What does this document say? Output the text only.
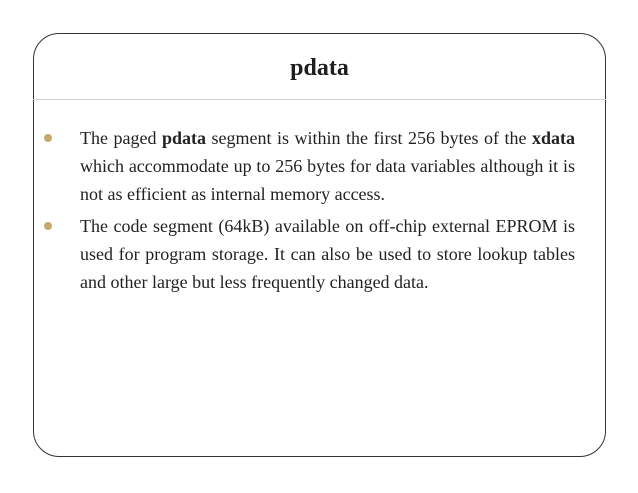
pdata
The paged pdata segment is within the first 256 bytes of the xdata which accommodate up to 256 bytes for data variables although it is not as efficient as internal memory access.
The code segment (64kB) available on off-chip external EPROM is used for program storage. It can also be used to store lookup tables and other large but less frequently changed data.
